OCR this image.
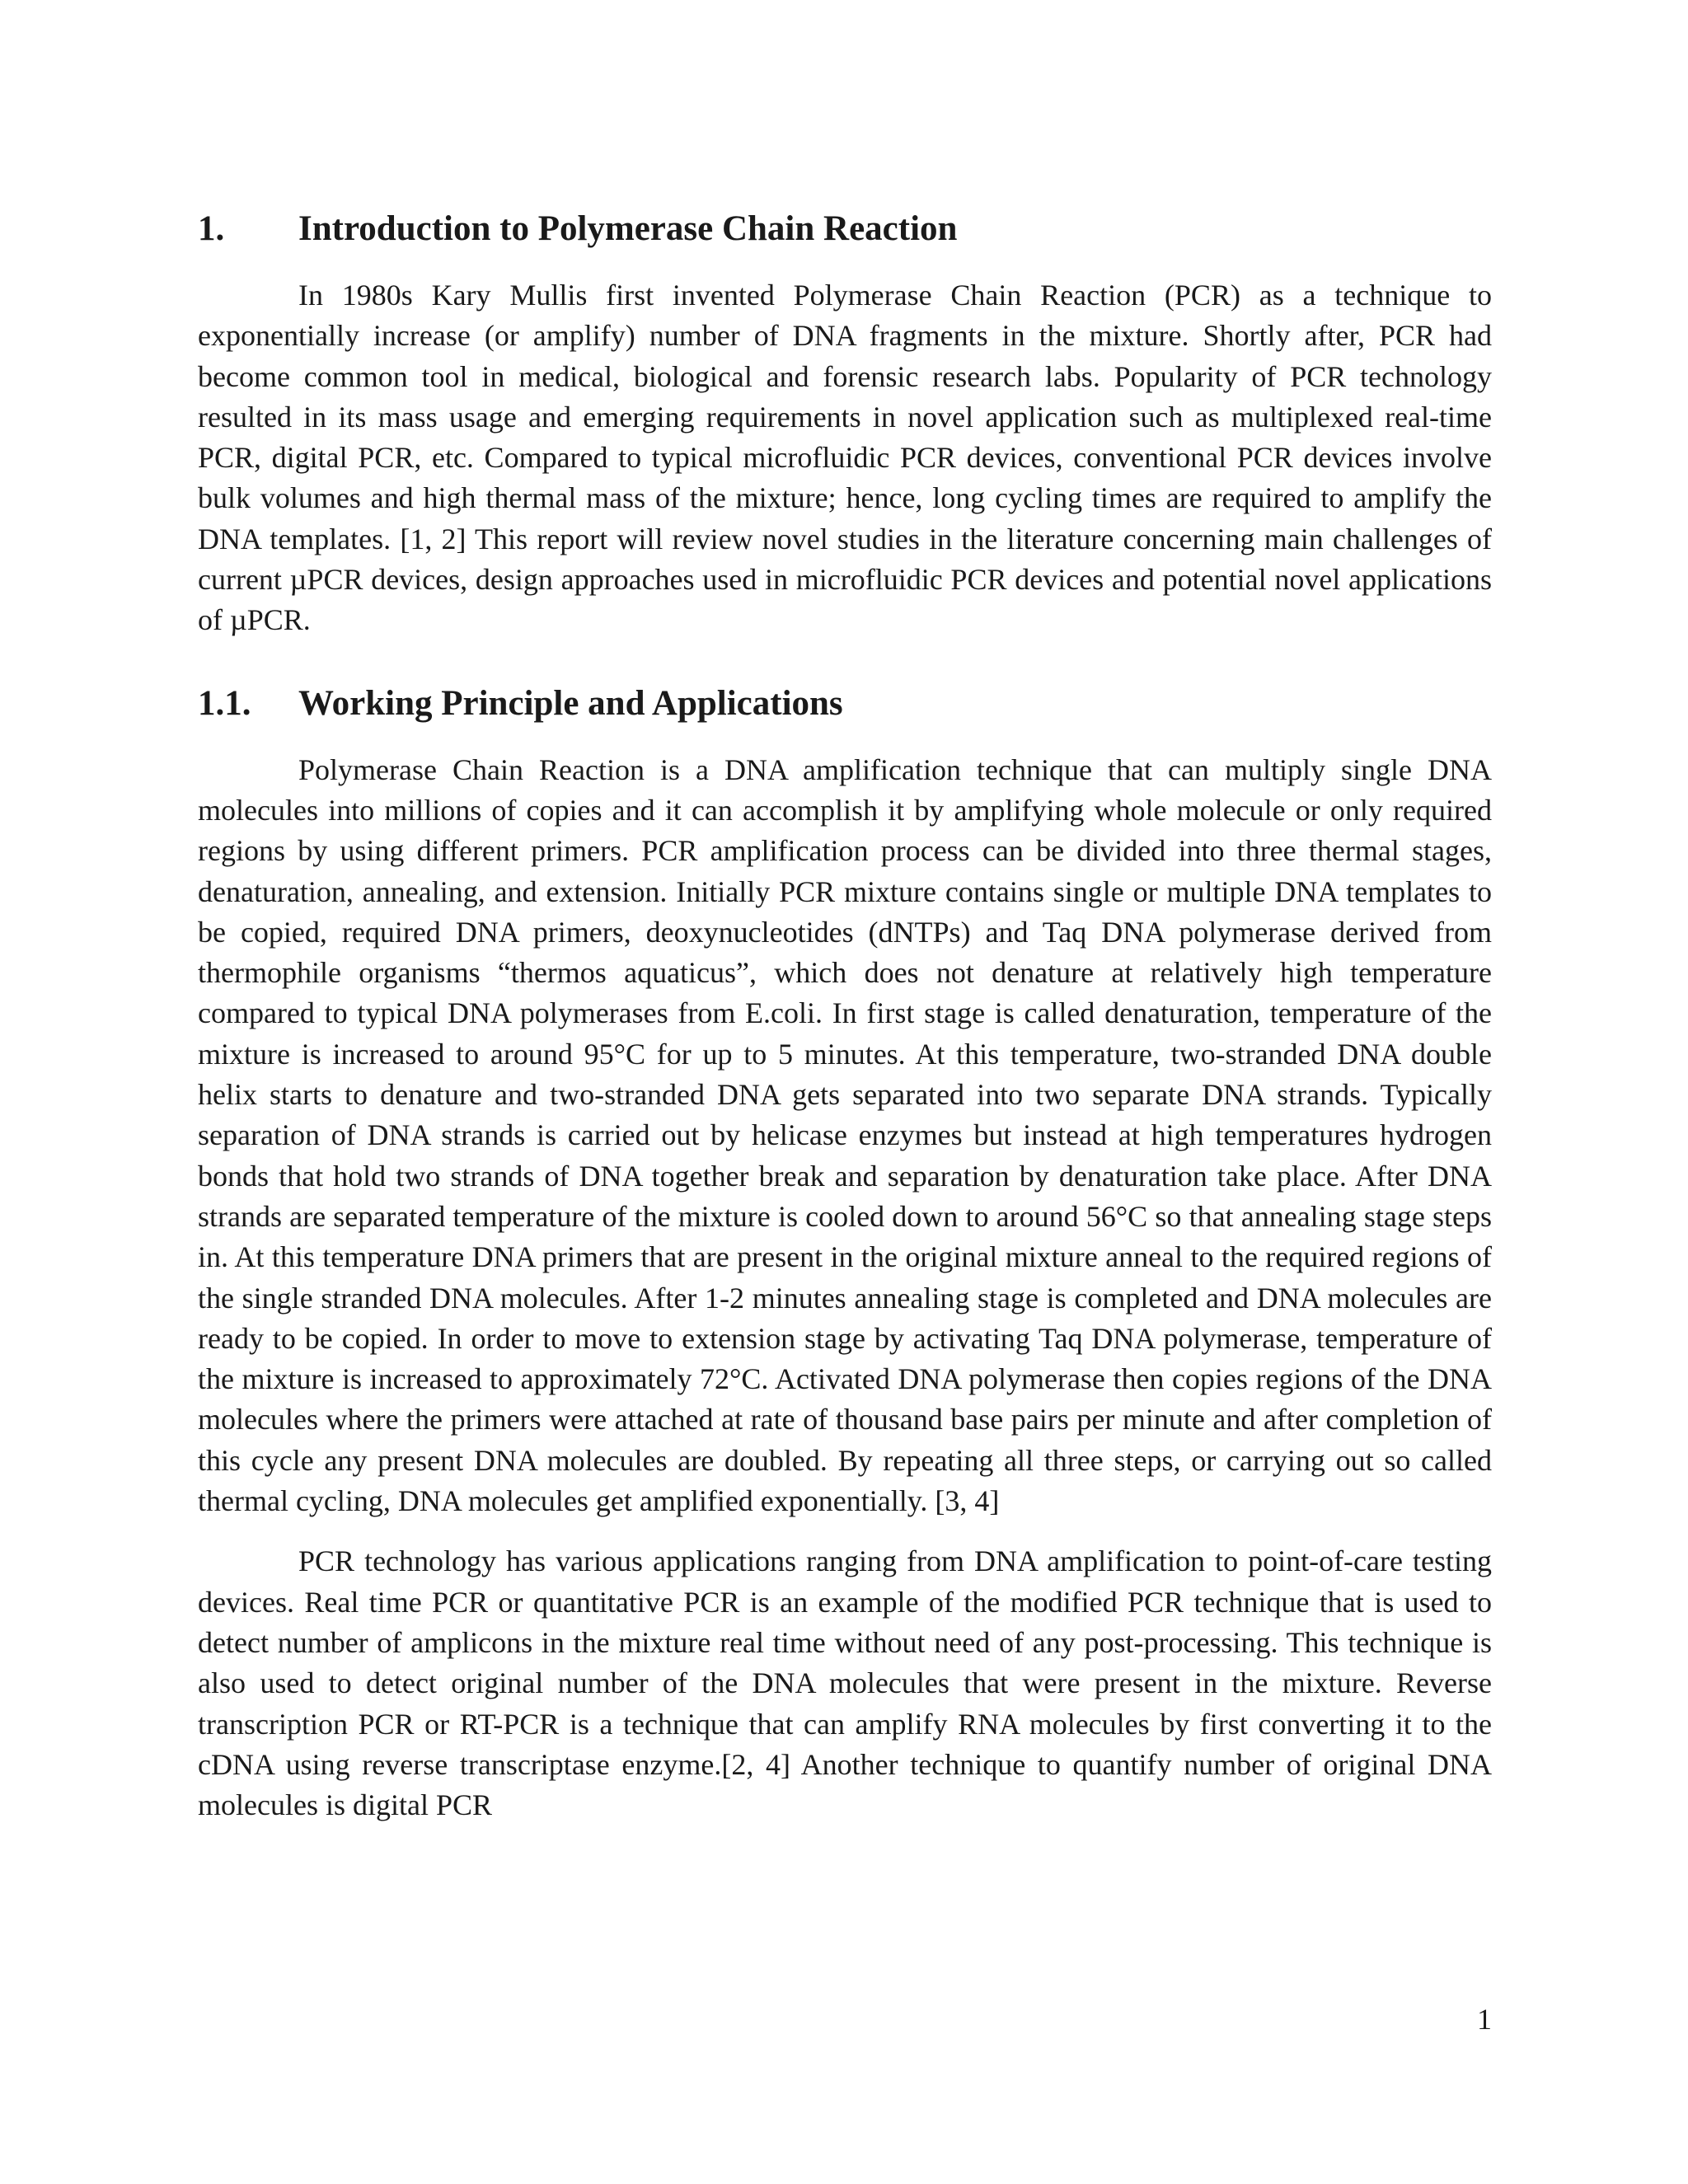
1.	Introduction to Polymerase Chain Reaction

In 1980s Kary Mullis first invented Polymerase Chain Reaction (PCR) as a technique to exponentially increase (or amplify) number of DNA fragments in the mixture. Shortly after, PCR had become common tool in medical, biological and forensic research labs. Popularity of PCR technology resulted in its mass usage and emerging requirements in novel application such as multiplexed real-time PCR, digital PCR, etc. Compared to typical microfluidic PCR devices, conventional PCR devices involve bulk volumes and high thermal mass of the mixture; hence, long cycling times are required to amplify the DNA templates. [1, 2] This report will review novel studies in the literature concerning main challenges of current µPCR devices, design approaches used in microfluidic PCR devices and potential novel applications of µPCR.

1.1.	Working Principle and Applications

Polymerase Chain Reaction is a DNA amplification technique that can multiply single DNA molecules into millions of copies and it can accomplish it by amplifying whole molecule or only required regions by using different primers. PCR amplification process can be divided into three thermal stages, denaturation, annealing, and extension. Initially PCR mixture contains single or multiple DNA templates to be copied, required DNA primers, deoxynucleotides (dNTPs) and Taq DNA polymerase derived from thermophile organisms “thermos aquaticus”, which does not denature at relatively high temperature compared to typical DNA polymerases from E.coli. In first stage is called denaturation, temperature of the mixture is increased to around 95°C for up to 5 minutes. At this temperature, two-stranded DNA double helix starts to denature and two-stranded DNA gets separated into two separate DNA strands. Typically separation of DNA strands is carried out by helicase enzymes but instead at high temperatures hydrogen bonds that hold two strands of DNA together break and separation by denaturation take place. After DNA strands are separated temperature of the mixture is cooled down to around 56°C so that annealing stage steps in. At this temperature DNA primers that are present in the original mixture anneal to the required regions of the single stranded DNA molecules. After 1-2 minutes annealing stage is completed and DNA molecules are ready to be copied. In order to move to extension stage by activating Taq DNA polymerase, temperature of the mixture is increased to approximately 72°C. Activated DNA polymerase then copies regions of the DNA molecules where the primers were attached at rate of thousand base pairs per minute and after completion of this cycle any present DNA molecules are doubled. By repeating all three steps, or carrying out so called thermal cycling, DNA molecules get amplified exponentially. [3, 4]

PCR technology has various applications ranging from DNA amplification to point-of-care testing devices. Real time PCR or quantitative PCR is an example of the modified PCR technique that is used to detect number of amplicons in the mixture real time without need of any post-processing. This technique is also used to detect original number of the DNA molecules that were present in the mixture. Reverse transcription PCR or RT-PCR is a technique that can amplify RNA molecules by first converting it to the cDNA using reverse transcriptase enzyme.[2, 4] Another technique to quantify number of original DNA molecules is digital PCR

1
